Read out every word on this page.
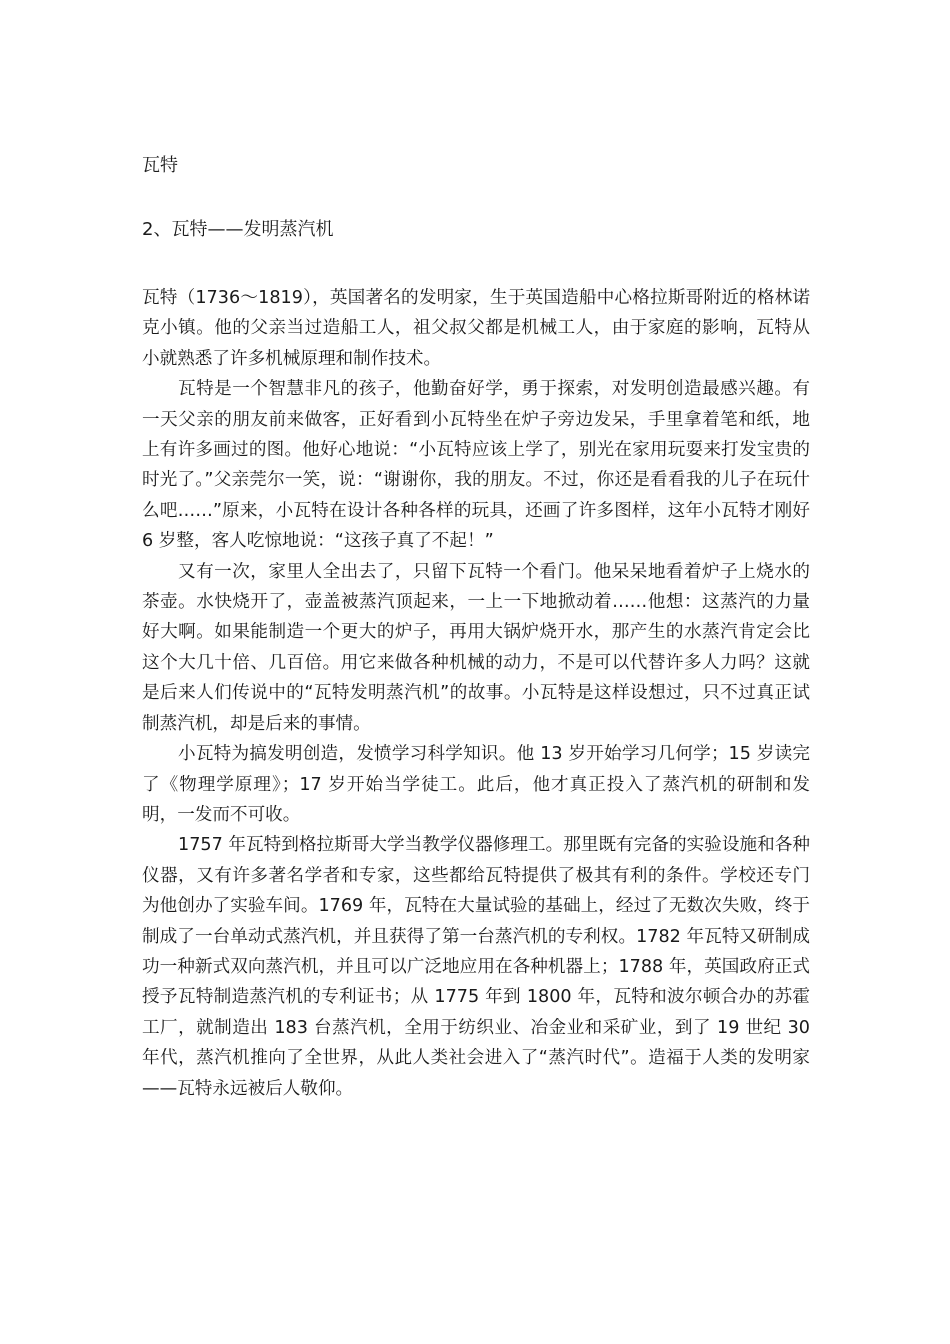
瓦特
2、瓦特——发明蒸汽机

瓦特（1736～1819），英国著名的发明家，生于英国造船中心格拉斯哥附近的格林诺克小镇。他的父亲当过造船工人，祖父叔父都是机械工人，由于家庭的影响，瓦特从小就熟悉了许多机械原理和制作技术。

瓦特是一个智慧非凡的孩子，他勤奋好学，勇于探索，对发明创造最感兴趣。有一天父亲的朋友前来做客，正好看到小瓦特坐在炉子旁边发呆，手里拿着笔和纸，地上有许多画过的图。他好心地说：“小瓦特应该上学了，别光在家用玩耍来打发宝贵的时光了。”父亲莞尔一笑，说：“谢谢你，我的朋友。不过，你还是看看我的儿子在玩什么吧……”原来，小瓦特在设计各种各样的玩具，还画了许多图样，这年小瓦特才刚好 6 岁整，客人吃惊地说：“这孩子真了不起！”

又有一次，家里人全出去了，只留下瓦特一个看门。他呆呆地看着炉子上烧水的茶壶。水快烧开了，壶盖被蒸汽顶起来，一上一下地掀动着……他想：这蒸汽的力量好大啊。如果能制造一个更大的炉子，再用大锅炉烧开水，那产生的水蒸汽肯定会比这个大几十倍、几百倍。用它来做各种机械的动力，不是可以代替许多人力吗？这就是后来人们传说中的“瓦特发明蒸汽机”的故事。小瓦特是这样设想过，只不过真正试制蒸汽机，却是后来的事情。

小瓦特为搞发明创造，发愤学习科学知识。他 13 岁开始学习几何学；15 岁读完了《物理学原理》；17 岁开始当学徒工。此后，他才真正投入了蒸汽机的研制和发明，一发而不可收。

1757 年瓦特到格拉斯哥大学当教学仪器修理工。那里既有完备的实验设施和各种仪器，又有许多著名学者和专家，这些都给瓦特提供了极其有利的条件。学校还专门为他创办了实验车间。1769 年，瓦特在大量试验的基础上，经过了无数次失败，终于制成了一台单动式蒸汽机，并且获得了第一台蒸汽机的专利权。1782 年瓦特又研制成功一种新式双向蒸汽机，并且可以广泛地应用在各种机器上；1788 年，英国政府正式授予瓦特制造蒸汽机的专利证书；从 1775 年到 1800 年，瓦特和波尔顿合办的苏霍工厂，就制造出 183 台蒸汽机，全用于纺织业、冶金业和采矿业，到了 19 世纪 30 年代，蒸汽机推向了全世界，从此人类社会进入了“蒸汽时代”。造福于人类的发明家——瓦特永远被后人敬仰。
